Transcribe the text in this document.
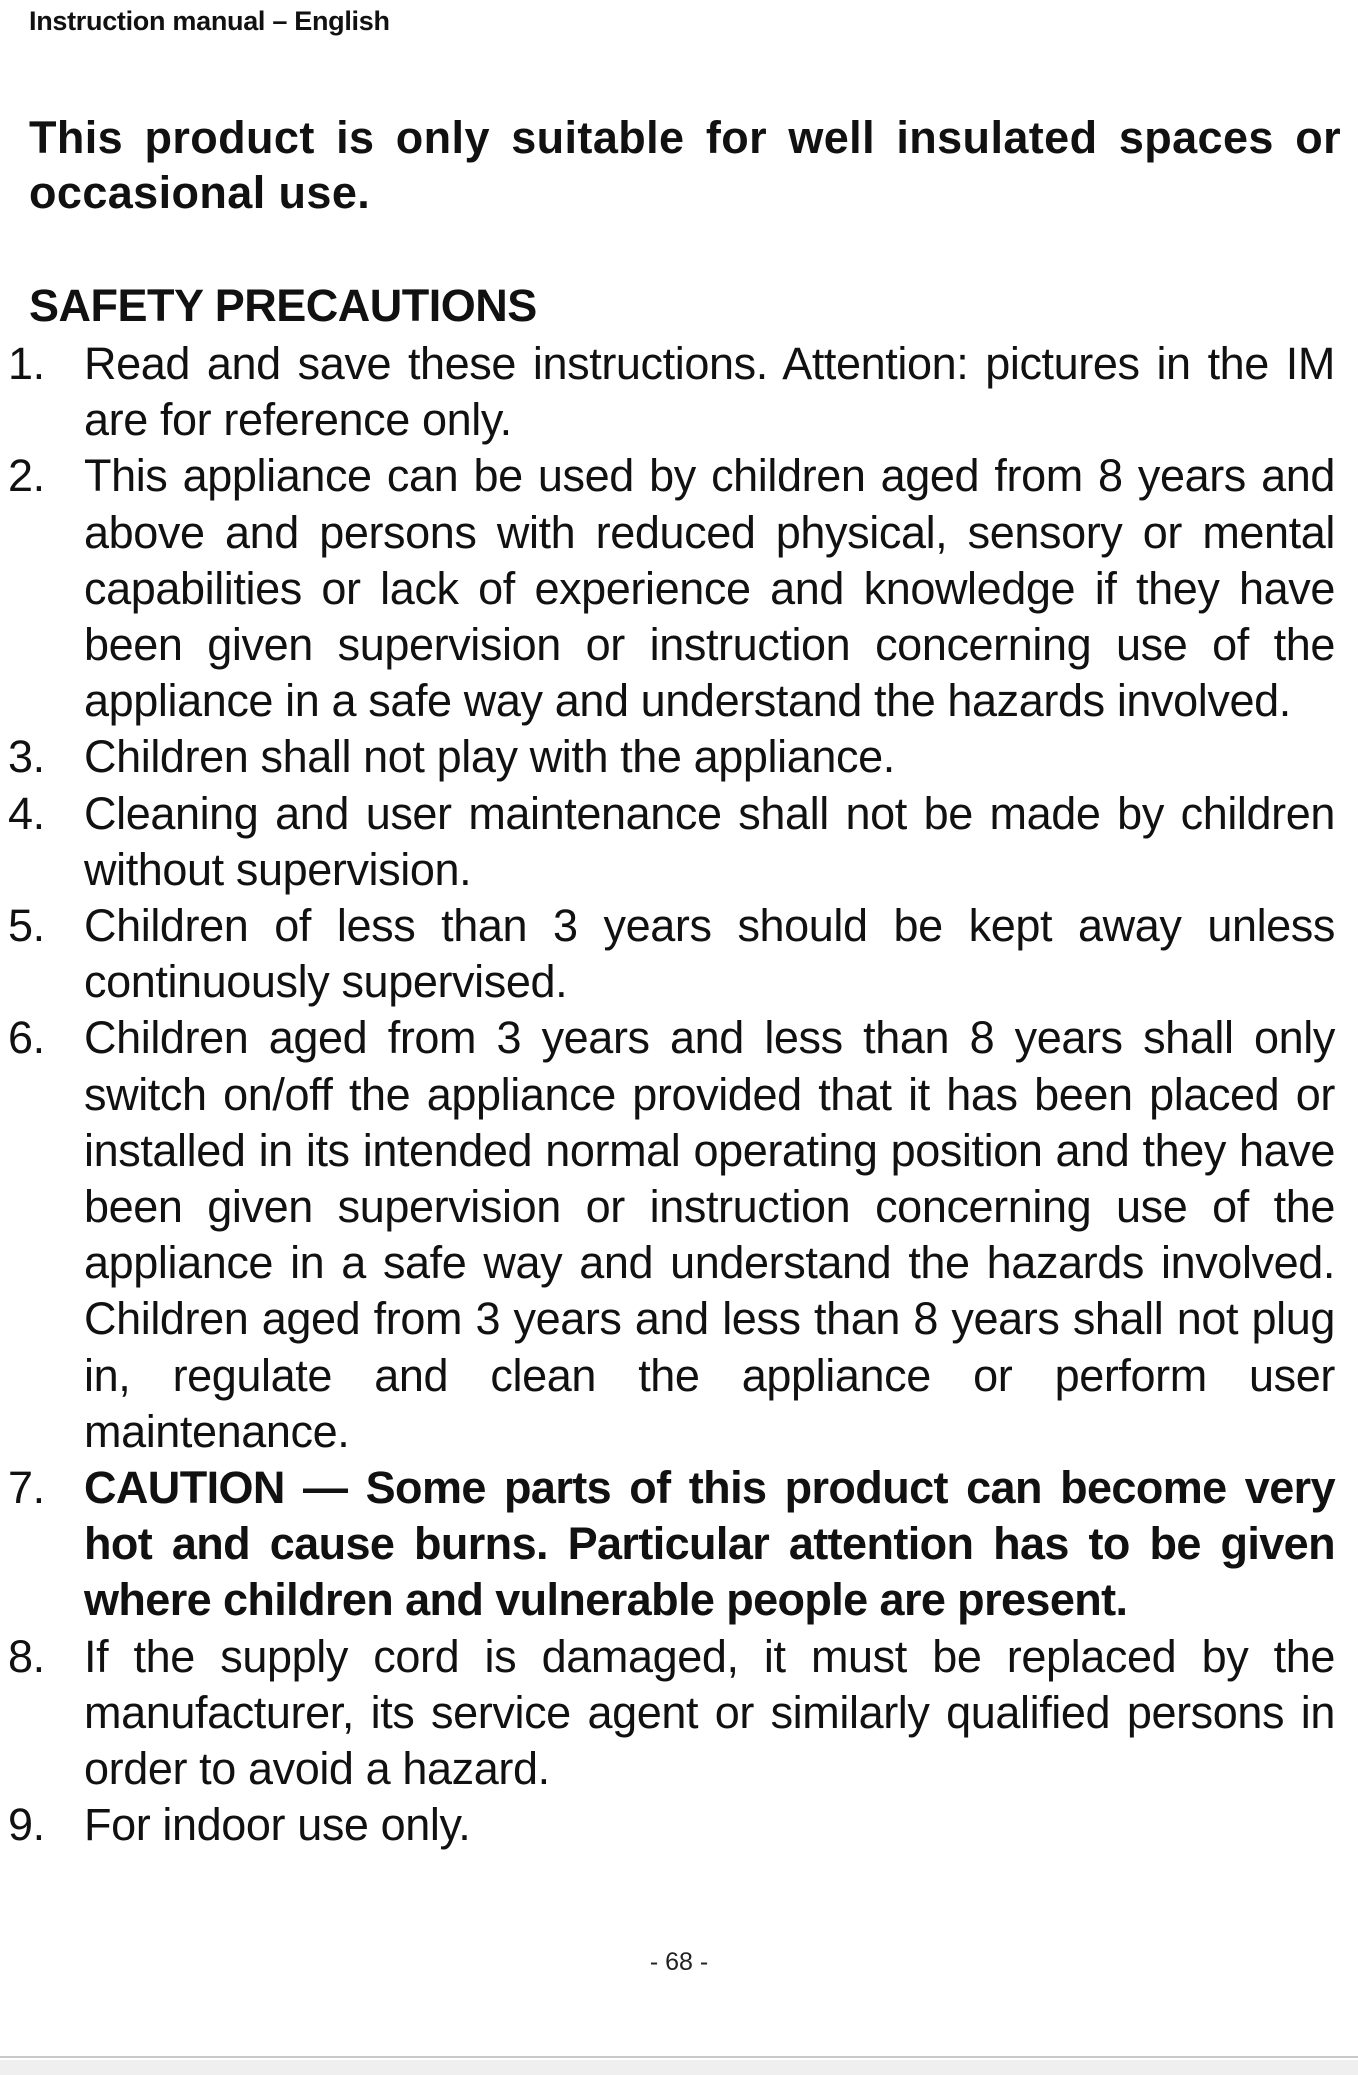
Instruction manual – English
This product is only suitable for well insulated spaces or occasional use.
SAFETY PRECAUTIONS
1. Read and save these instructions. Attention: pictures in the IM are for reference only.
2. This appliance can be used by children aged from 8 years and above and persons with reduced physical, sensory or mental capabilities or lack of experience and knowledge if they have been given supervision or instruction concerning use of the appliance in a safe way and understand the hazards involved.
3. Children shall not play with the appliance.
4. Cleaning and user maintenance shall not be made by children without supervision.
5. Children of less than 3 years should be kept away unless continuously supervised.
6. Children aged from 3 years and less than 8 years shall only switch on/off the appliance provided that it has been placed or installed in its intended normal operating position and they have been given supervision or instruction concerning use of the appliance in a safe way and understand the hazards involved. Children aged from 3 years and less than 8 years shall not plug in, regulate and clean the appliance or perform user maintenance.
7. CAUTION — Some parts of this product can become very hot and cause burns. Particular attention has to be given where children and vulnerable people are present.
8. If the supply cord is damaged, it must be replaced by the manufacturer, its service agent or similarly qualified persons in order to avoid a hazard.
9. For indoor use only.
- 68 -
